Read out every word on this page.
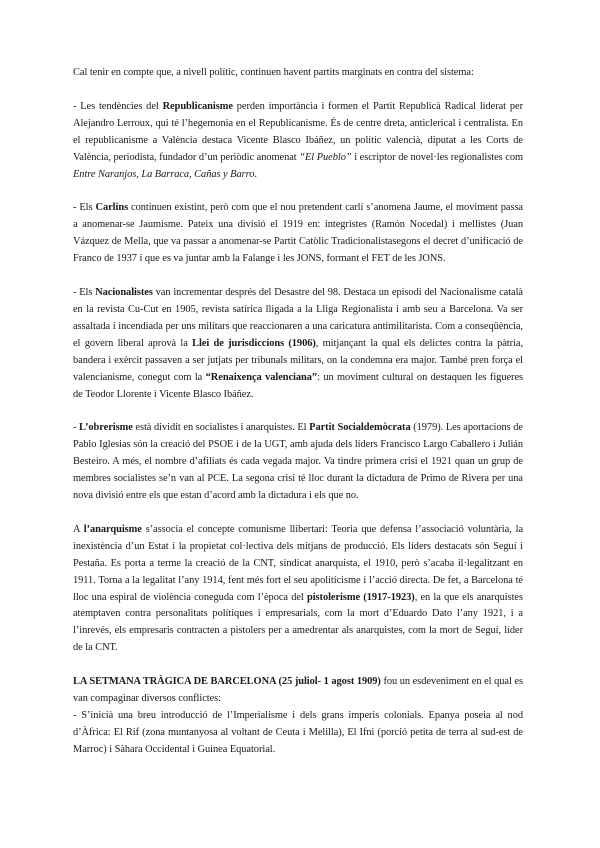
Cal tenir en compte que, a nivell polític, continuen havent partits marginats en contra del sistema:

- Les tendències del Republicanisme perden importància i formen el Partit Republicà Radical liderat per Alejandro Lerroux, qui té l’hegemonia en el Republicanisme. És de centre dreta, anticlerical i centralista. En el republicanisme a València destaca Vicente Blasco Ibáñez, un polític valencià, diputat a les Corts de València, periodista, fundador d’un periòdic anomenat “El Pueblo” i escriptor de novel·les regionalistes com Entre Naranjos, La Barraca, Cañas y Barro.

- Els Carlins continuen existint, però com que el nou pretendent carlí s’anomena Jaume, el moviment passa a anomenar-se Jaumisme. Pateix una divisió el 1919 en: integristes (Ramón Nocedal) i mellistes (Juan Vázquez de Mella, que va passar a anomenar-se Partit Catòlic Tradicionalistasegons el decret d’unificació de Franco de 1937 i que es va juntar amb la Falange i les JONS, formant el FET de les JONS.

- Els Nacionalistes van incrementar després del Desastre del 98. Destaca un episodi del Nacionalisme català en la revista Cu-Cut en 1905, revista satírica lligada a la Lliga Regionalista i amb seu a Barcelona. Va ser assaltada i incendiada per uns militars que reaccionaren a una caricatura antimilitarista. Com a conseqüència, el govern liberal aprovà la Llei de jurisdiccions (1906), mitjançant la qual els delictes contra la pàtria, bandera i exèrcit passaven a ser jutjats per tribunals militars, on la condemna era major. També pren força el valencianisme, conegut com la “Renaixença valenciana”: un moviment cultural on destaquen les figueres de Teodor Llorente i Vicente Blasco Ibáñez.

- L’obrerisme està dividit en socialistes i anarquistes. El Partit Socialdemòcrata (1979). Les aportacions de Pablo Iglesias són la creació del PSOE i de la UGT, amb ajuda dels líders Francisco Largo Caballero i Julián Besteiro. A més, el nombre d’afiliats és cada vegada major. Va tindre primera crisi el 1921 quan un grup de membres socialistes se’n van al PCE. La segona crisi té lloc durant la dictadura de Primo de Rivera per una nova divisió entre els que estan d’acord amb la dictadura i els que no.

A l’anarquisme s’associa el concepte comunisme llibertari: Teoria que defensa l’associació voluntària, la inexistència d’un Estat i la propietat col·lectiva dels mitjans de producció. Els líders destacats són Seguí i Pestaña. Es porta a terme la creació de la CNT, sindicat anarquista, el 1910, però s’acaba il·legalitzant en 1911. Torna a la legalitat l’any 1914, fent més fort el seu apoliticisme i l’acció directa. De fet, a Barcelona té lloc una espiral de violència coneguda com l’època del pistolerisme (1917-1923), en la que els anarquistes atemptaven contra personalitats polítiques i empresarials, com la mort d’Eduardo Dato l’any 1921, i a l’inrevés, els empresaris contracten a pistolers per a amedrentar als anarquistes, com la mort de Seguí, líder de la CNT.

LA SETMANA TRÀGICA DE BARCELONA (25 juliol- 1 agost 1909) fou un esdeveniment en el qual es van compaginar diversos conflictes:

- S’inicià una breu introducció de l’Imperialisme i dels grans imperis colonials. Epanya poseia al nod d’Àfrica: El Rif (zona muntanyosa al voltant de Ceuta i Melilla), El Ifni (porció petita de terra al sud-est de Marroc) i Sàhara Occidental i Guinea Equatorial.
